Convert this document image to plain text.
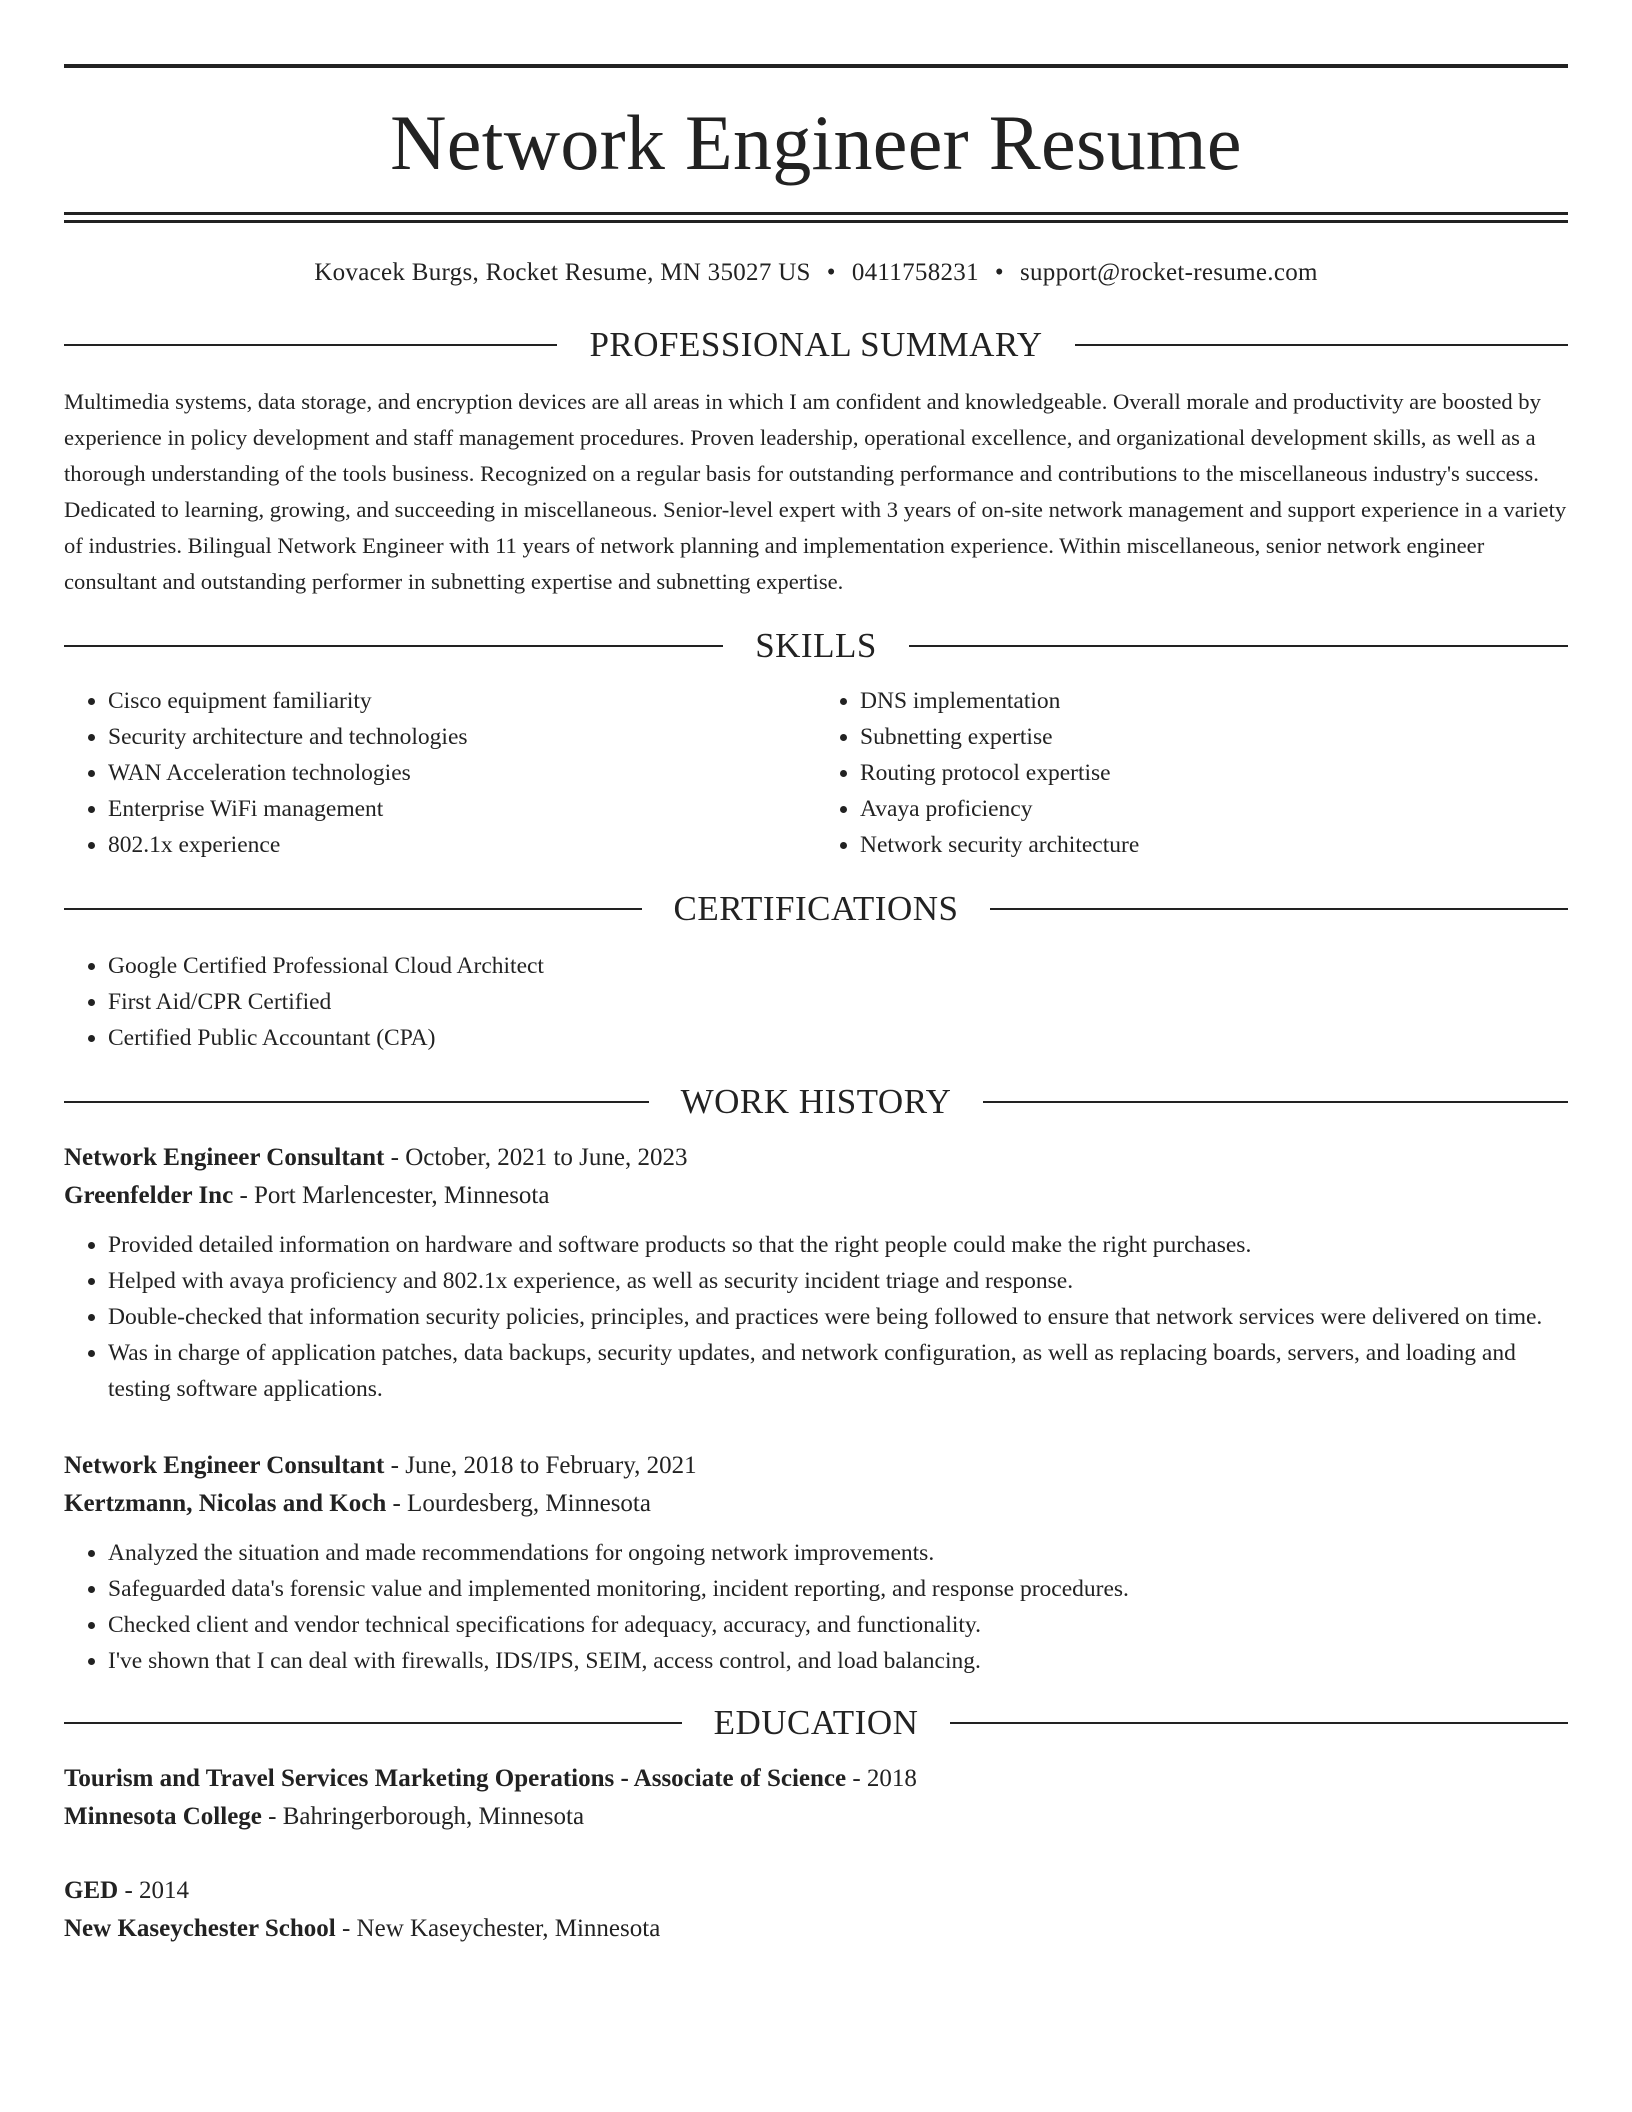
Network Engineer Resume
Kovacek Burgs, Rocket Resume, MN 35027 US • 0411758231 • support@rocket-resume.com
PROFESSIONAL SUMMARY
Multimedia systems, data storage, and encryption devices are all areas in which I am confident and knowledgeable. Overall morale and productivity are boosted by experience in policy development and staff management procedures. Proven leadership, operational excellence, and organizational development skills, as well as a thorough understanding of the tools business. Recognized on a regular basis for outstanding performance and contributions to the miscellaneous industry's success. Dedicated to learning, growing, and succeeding in miscellaneous. Senior-level expert with 3 years of on-site network management and support experience in a variety of industries. Bilingual Network Engineer with 11 years of network planning and implementation experience. Within miscellaneous, senior network engineer consultant and outstanding performer in subnetting expertise and subnetting expertise.
SKILLS
• Cisco equipment familiarity
• Security architecture and technologies
• WAN Acceleration technologies
• Enterprise WiFi management
• 802.1x experience
• DNS implementation
• Subnetting expertise
• Routing protocol expertise
• Avaya proficiency
• Network security architecture
CERTIFICATIONS
• Google Certified Professional Cloud Architect
• First Aid/CPR Certified
• Certified Public Accountant (CPA)
WORK HISTORY
Network Engineer Consultant - October, 2021 to June, 2023
Greenfelder Inc - Port Marlencester, Minnesota
• Provided detailed information on hardware and software products so that the right people could make the right purchases.
• Helped with avaya proficiency and 802.1x experience, as well as security incident triage and response.
• Double-checked that information security policies, principles, and practices were being followed to ensure that network services were delivered on time.
• Was in charge of application patches, data backups, security updates, and network configuration, as well as replacing boards, servers, and loading and testing software applications.
Network Engineer Consultant - June, 2018 to February, 2021
Kertzmann, Nicolas and Koch - Lourdesberg, Minnesota
• Analyzed the situation and made recommendations for ongoing network improvements.
• Safeguarded data's forensic value and implemented monitoring, incident reporting, and response procedures.
• Checked client and vendor technical specifications for adequacy, accuracy, and functionality.
• I've shown that I can deal with firewalls, IDS/IPS, SEIM, access control, and load balancing.
EDUCATION
Tourism and Travel Services Marketing Operations - Associate of Science - 2018
Minnesota College - Bahringerborough, Minnesota
GED - 2014
New Kaseychester School - New Kaseychester, Minnesota
